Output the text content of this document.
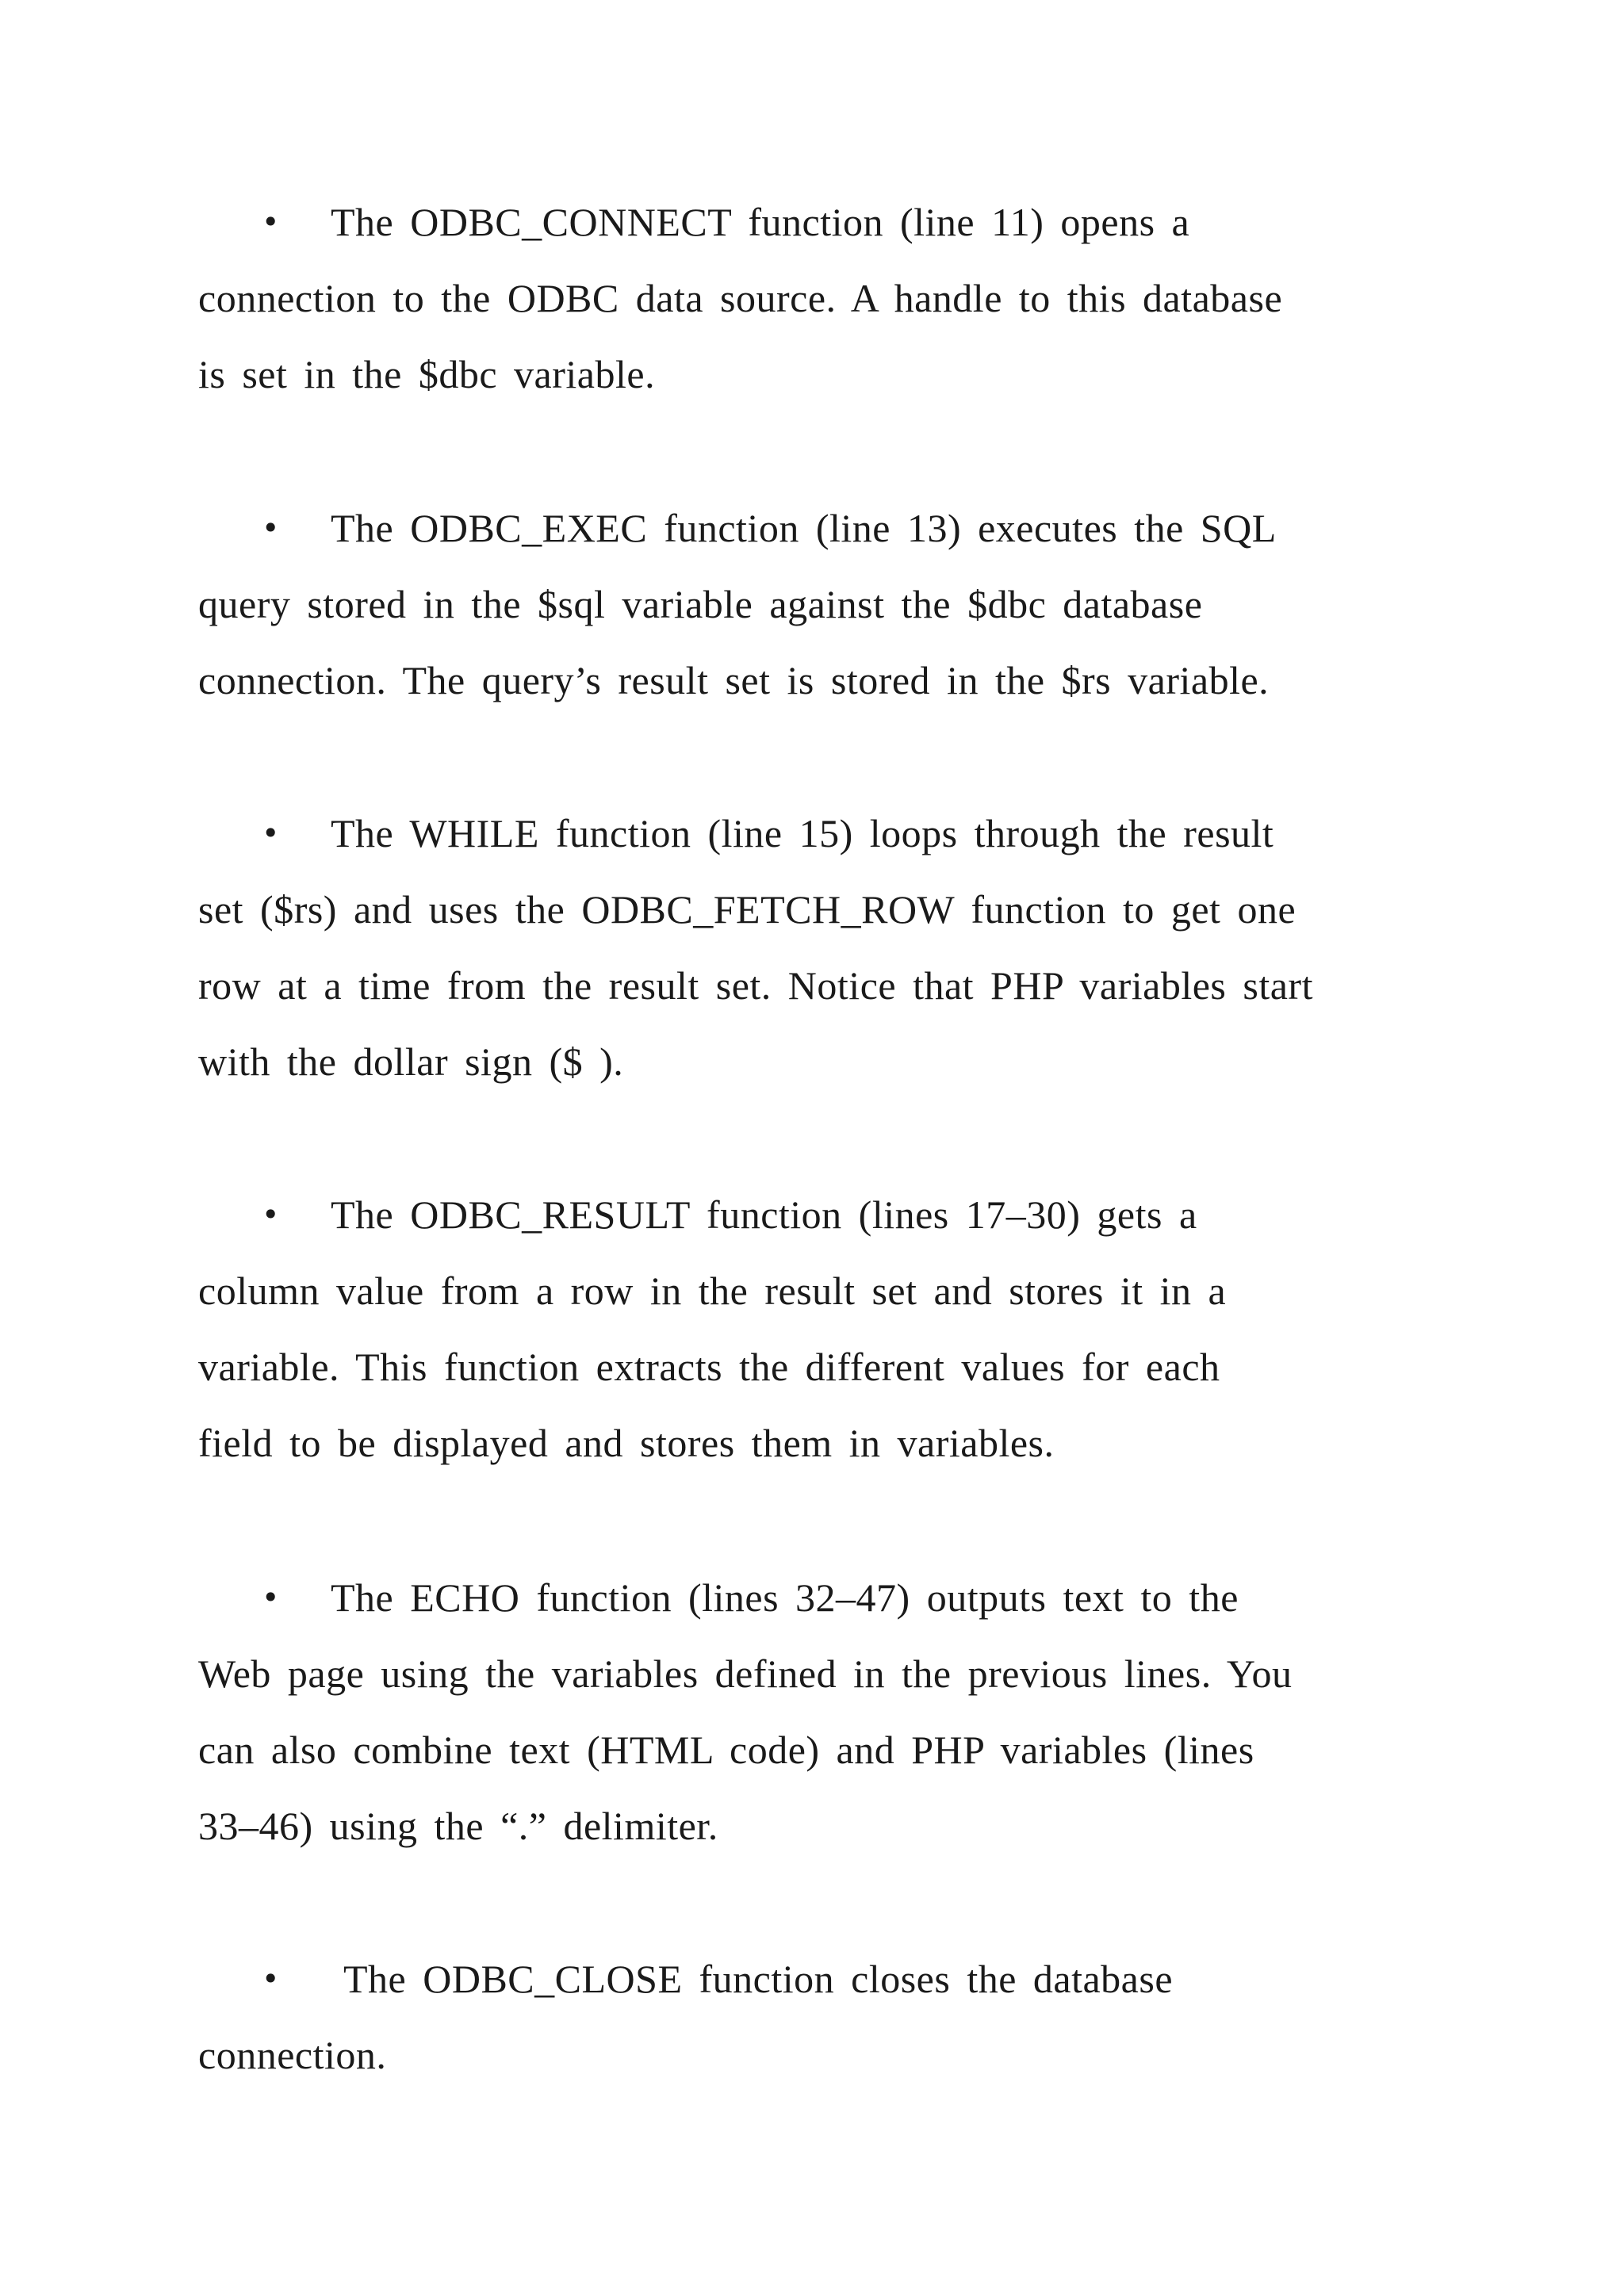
• The ODBC_CONNECT function (line 11) opens a
connection to the ODBC data source. A handle to this database
is set in the $dbc variable.

• The ODBC_EXEC function (line 13) executes the SQL
query stored in the $sql variable against the $dbc database
connection. The query’s result set is stored in the $rs variable.

• The WHILE function (line 15) loops through the result
set ($rs) and uses the ODBC_FETCH_ROW function to get one
row at a time from the result set. Notice that PHP variables start
with the dollar sign ($ ).

• The ODBC_RESULT function (lines 17–30) gets a
column value from a row in the result set and stores it in a
variable. This function extracts the different values for each
field to be displayed and stores them in variables.

• The ECHO function (lines 32–47) outputs text to the
Web page using the variables defined in the previous lines. You
can also combine text (HTML code) and PHP variables (lines
33–46) using the “.” delimiter.

• The ODBC_CLOSE function closes the database
connection.
